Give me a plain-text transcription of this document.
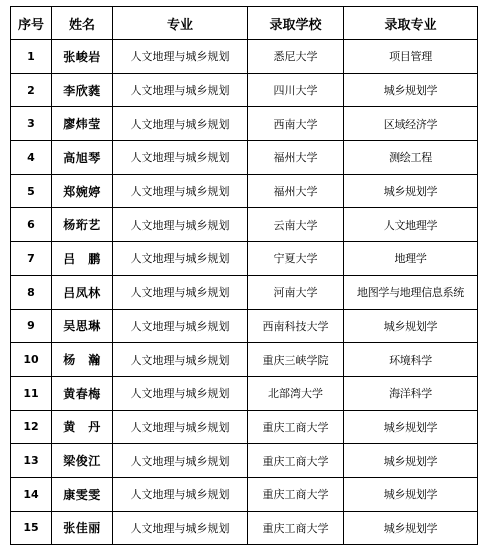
序号	姓名	专业	录取学校	录取专业
1	张峻岩	人文地理与城乡规划	悉尼大学	项目管理
2	李欣蕤	人文地理与城乡规划	四川大学	城乡规划学
3	廖炜莹	人文地理与城乡规划	西南大学	区域经济学
4	高旭琴	人文地理与城乡规划	福州大学	测绘工程
5	郑婉婷	人文地理与城乡规划	福州大学	城乡规划学
6	杨珩艺	人文地理与城乡规划	云南大学	人文地理学
7	吕　鹏	人文地理与城乡规划	宁夏大学	地理学
8	吕凤林	人文地理与城乡规划	河南大学	地图学与地理信息系统
9	吴思琳	人文地理与城乡规划	西南科技大学	城乡规划学
10	杨　瀚	人文地理与城乡规划	重庆三峡学院	环境科学
11	黄春梅	人文地理与城乡规划	北部湾大学	海洋科学
12	黄　丹	人文地理与城乡规划	重庆工商大学	城乡规划学
13	梁俊江	人文地理与城乡规划	重庆工商大学	城乡规划学
14	康雯雯	人文地理与城乡规划	重庆工商大学	城乡规划学
15	张佳丽	人文地理与城乡规划	重庆工商大学	城乡规划学
